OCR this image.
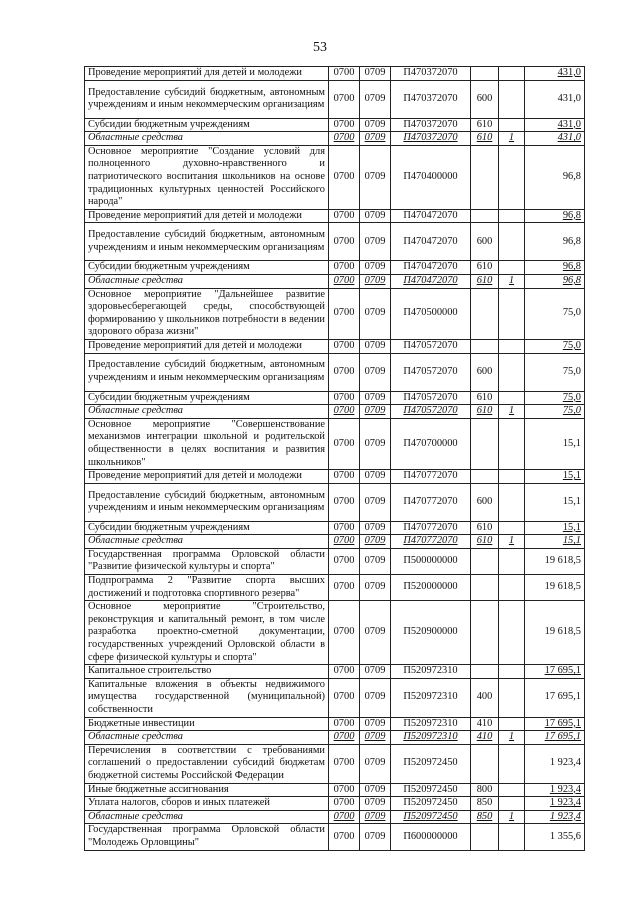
53
Проведение мероприятий для детей и молодежи	0700	0709	П470372070			431,0
Предоставление субсидий бюджетным, автономным учреждениям и иным некоммерческим организациям	0700	0709	П470372070	600		431,0
Субсидии бюджетным учреждениям	0700	0709	П470372070	610		431,0
Областные средства	0700	0709	П470372070	610	1	431,0
Основное мероприятие "Создание условий для полноценного духовно-нравственного и патриотического воспитания школьников на основе традиционных культурных ценностей Российского народа"	0700	0709	П470400000			96,8
Проведение мероприятий для детей и молодежи	0700	0709	П470472070			96,8
Предоставление субсидий бюджетным, автономным учреждениям и иным некоммерческим организациям	0700	0709	П470472070	600		96,8
Субсидии бюджетным учреждениям	0700	0709	П470472070	610		96,8
Областные средства	0700	0709	П470472070	610	1	96,8
Основное мероприятие "Дальнейшее развитие здоровьесберегающей среды, способствующей формированию у школьников потребности в ведении здорового образа жизни"	0700	0709	П470500000			75,0
Проведение мероприятий для детей и молодежи	0700	0709	П470572070			75,0
Предоставление субсидий бюджетным, автономным учреждениям и иным некоммерческим организациям	0700	0709	П470572070	600		75,0
Субсидии бюджетным учреждениям	0700	0709	П470572070	610		75,0
Областные средства	0700	0709	П470572070	610	1	75,0
Основное мероприятие "Совершенствование механизмов интеграции школьной и родительской общественности в целях воспитания и развития школьников"	0700	0709	П470700000			15,1
Проведение мероприятий для детей и молодежи	0700	0709	П470772070			15,1
Предоставление субсидий бюджетным, автономным учреждениям и иным некоммерческим организациям	0700	0709	П470772070	600		15,1
Субсидии бюджетным учреждениям	0700	0709	П470772070	610		15,1
Областные средства	0700	0709	П470772070	610	1	15,1
Государственная программа Орловской области "Развитие физической культуры и спорта"	0700	0709	П500000000			19 618,5
Подпрограмма 2 "Развитие спорта высших достижений и подготовка спортивного резерва"	0700	0709	П520000000			19 618,5
Основное мероприятие "Строительство, реконструкция и капитальный ремонт, в том числе разработка проектно-сметной документации, государственных учреждений Орловской области в сфере физической культуры и спорта"	0700	0709	П520900000			19 618,5
Капитальное строительство	0700	0709	П520972310			17 695,1
Капитальные вложения в объекты недвижимого имущества государственной (муниципальной) собственности	0700	0709	П520972310	400		17 695,1
Бюджетные инвестиции	0700	0709	П520972310	410		17 695,1
Областные средства	0700	0709	П520972310	410	1	17 695,1
Перечисления в соответствии с требованиями соглашений о предоставлении субсидий бюджетам бюджетной системы Российской Федерации	0700	0709	П520972450			1 923,4
Иные бюджетные ассигнования	0700	0709	П520972450	800		1 923,4
Уплата налогов, сборов и иных платежей	0700	0709	П520972450	850		1 923,4
Областные средства	0700	0709	П520972450	850	1	1 923,4
Государственная программа Орловской области "Молодежь Орловщины"	0700	0709	П600000000			1 355,6
